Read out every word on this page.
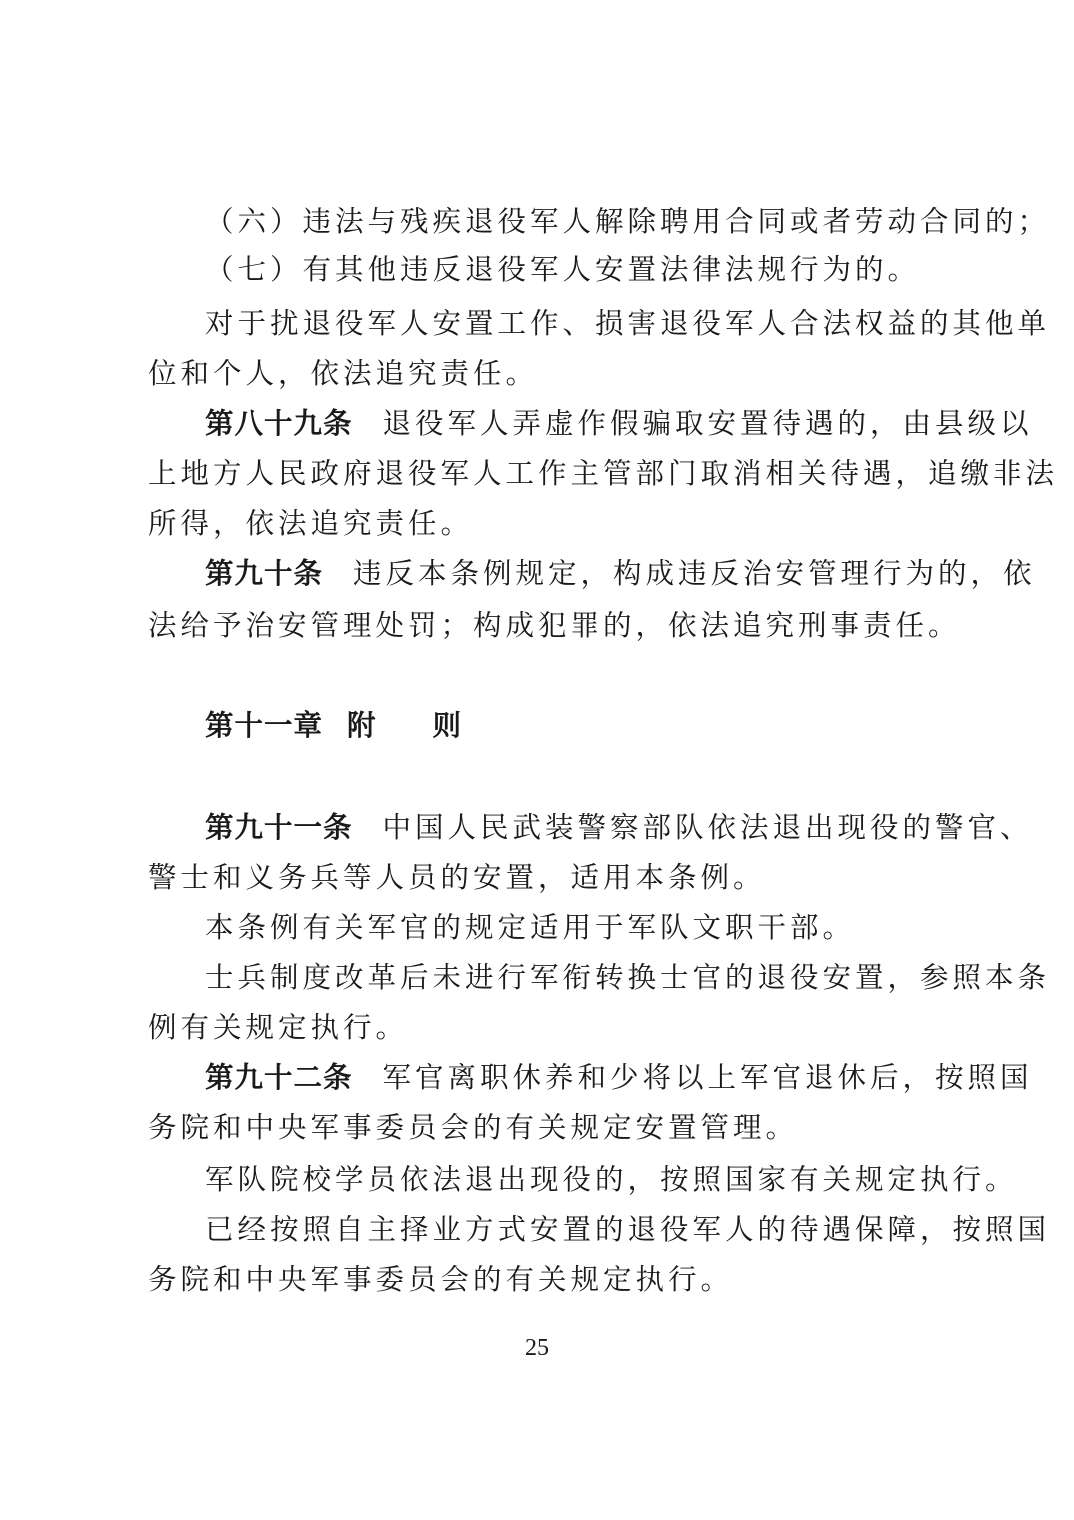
（六）违法与残疾退役军人解除聘用合同或者劳动合同的；
（七）有其他违反退役军人安置法律法规行为的。
对于扰退役军人安置工作、损害退役军人合法权益的其他单
位和个人，依法追究责任。
第八十九条 退役军人弄虚作假骗取安置待遇的，由县级以
上地方人民政府退役军人工作主管部门取消相关待遇，追缴非法
所得，依法追究责任。
第九十条 违反本条例规定，构成违反治安管理行为的，依
法给予治安管理处罚；构成犯罪的，依法追究刑事责任。
第十一章 附 则
第九十一条 中国人民武装警察部队依法退出现役的警官、
警士和义务兵等人员的安置，适用本条例。
本条例有关军官的规定适用于军队文职干部。
士兵制度改革后未进行军衔转换士官的退役安置，参照本条
例有关规定执行。
第九十二条 军官离职休养和少将以上军官退休后，按照国
务院和中央军事委员会的有关规定安置管理。
军队院校学员依法退出现役的，按照国家有关规定执行。
已经按照自主择业方式安置的退役军人的待遇保障，按照国
务院和中央军事委员会的有关规定执行。
25
